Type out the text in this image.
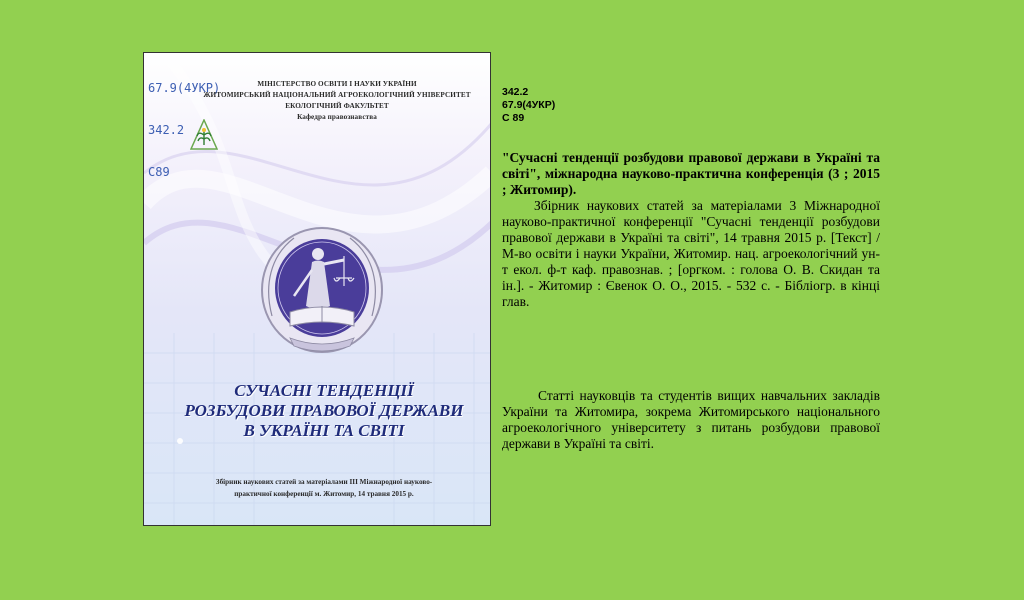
67.9(4УКР)

342.2

С89

МІНІСТЕРСТВО ОСВІТИ І НАУКИ УКРАЇНИ
ЖИТОМИРСЬКИЙ НАЦІОНАЛЬНИЙ АГРОЕКОЛОГІЧНИЙ УНІВЕРСИТЕТ
ЕКОЛОГІЧНИЙ ФАКУЛЬТЕТ
Кафедра правознавства
СУЧАСНІ ТЕНДЕНЦІЇ
РОЗБУДОВИ ПРАВОВОЇ ДЕРЖАВИ
В УКРАЇНІ ТА СВІТІ
Збірник наукових статей за матеріалами ІІІ Міжнародної науково-
практичної конференції м. Житомир, 14 травня 2015 р.
342.2
67.9(4УКР)
С 89

"Сучасні тенденції розбудови правової держави в Україні та світі", міжнародна науково-практична конференція (3 ; 2015 ; Житомир).

Збірник наукових статей за матеріалами 3 Міжнародної науково-практичної конференції "Сучасні тенденції розбудови правової держави в Україні та світі", 14 травня 2015 р. [Текст] / М-во освіти і науки України, Житомир. нац. агроекологічний ун-т екол. ф-т каф. правознав. ; [оргком. : голова О. В. Скидан та ін.]. - Житомир : Євенок О. О., 2015. - 532 с. - Бібліогр. в кінці глав.

Статті науковців та студентів вищих навчальних закладів України та Житомира, зокрема Житомирського національного агроекологічного університету з питань розбудови правової держави в Україні та світі.
